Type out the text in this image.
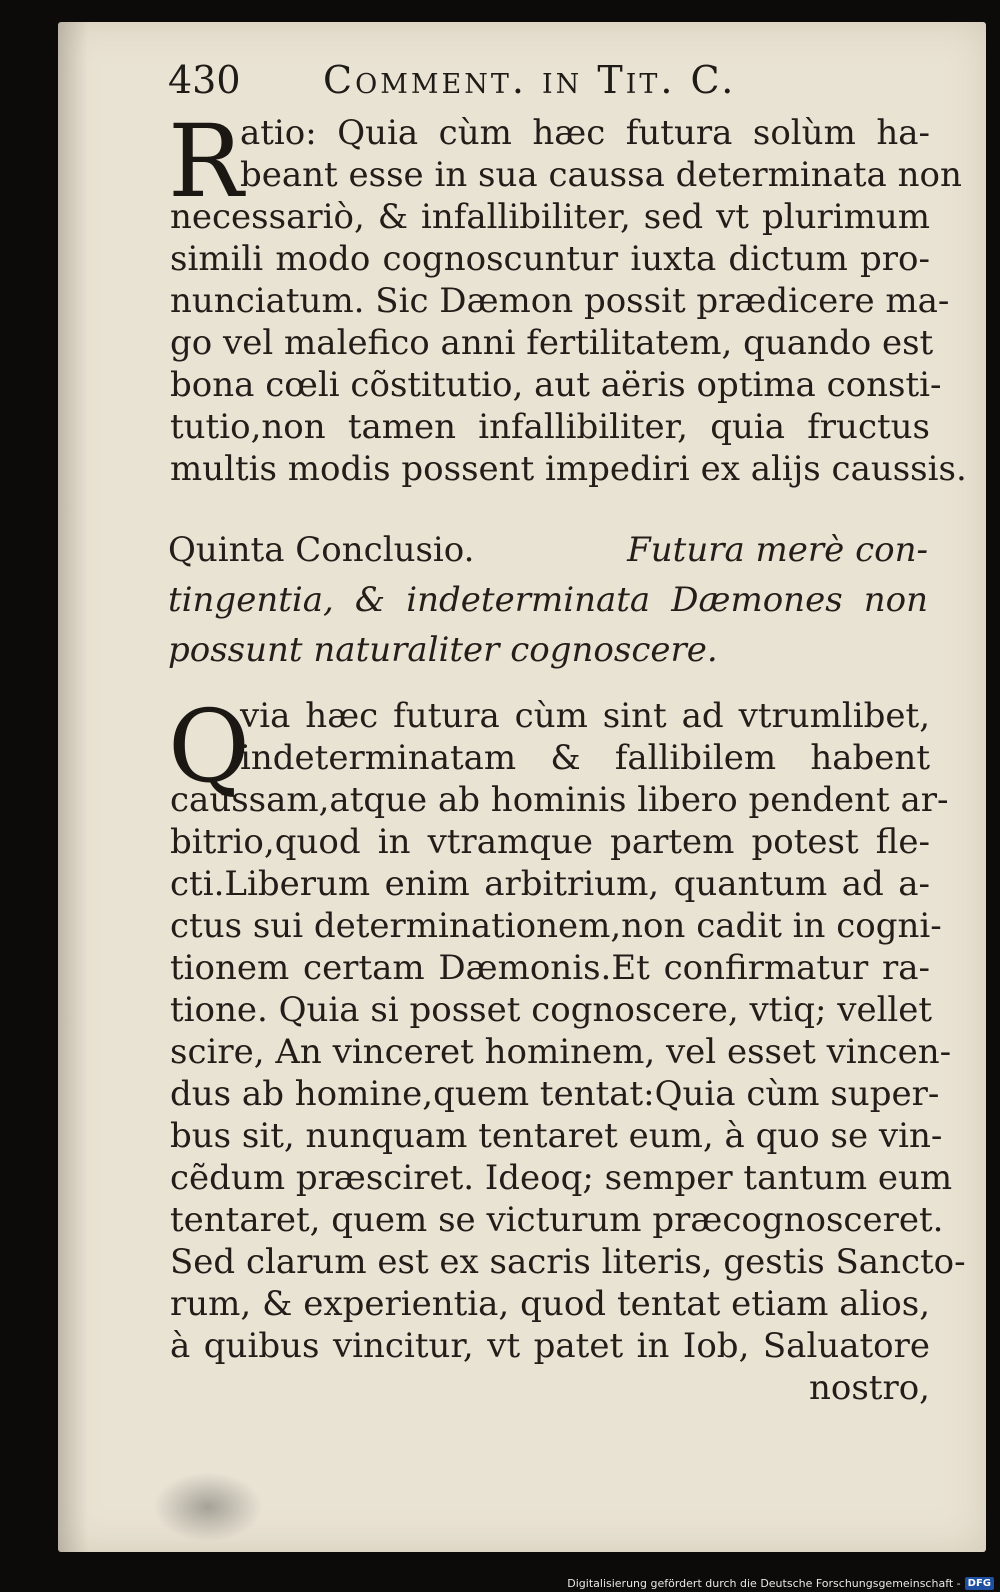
430 Comment. in Tit. C.
R
atio: Quia cùm hæc futura solùm ha-
beant esse in sua caussa determinata non
necessariò, & infallibiliter, sed vt plurimum
simili modo cognoscuntur iuxta dictum pro-
nunciatum. Sic Dæmon possit prædicere ma-
go vel malefico anni fertilitatem, quando est
bona cœli cõstitutio, aut aëris optima consti-
tutio,non tamen infallibiliter, quia fructus
multis modis possent impediri ex alijs caussis.
Quinta Conclusio.	Futura merè con-
tingentia, & indeterminata Dæmones non
possunt naturaliter cognoscere.
Q
via hæc futura cùm sint ad vtrumlibet,
indeterminatam & fallibilem habent
caussam,atque ab hominis libero pendent ar-
bitrio,quod in vtramque partem potest fle-
cti.Liberum enim arbitrium, quantum ad a-
ctus sui determinationem,non cadit in cogni-
tionem certam Dæmonis.Et confirmatur ra-
tione. Quia si posset cognoscere, vtiq; vellet
scire, An vinceret hominem, vel esset vincen-
dus ab homine,quem tentat:Quia cùm super-
bus sit, nunquam tentaret eum, à quo se vin-
cẽdum præsciret. Ideoq; semper tantum eum
tentaret, quem se victurum præcognosceret.
Sed clarum est ex sacris literis, gestis Sancto-
rum, & experientia, quod tentat etiam alios,
à quibus vincitur, vt patet in Iob, Saluatore
nostro,
Digitalisierung gefördert durch die Deutsche Forschungsgemeinschaft - DFG
